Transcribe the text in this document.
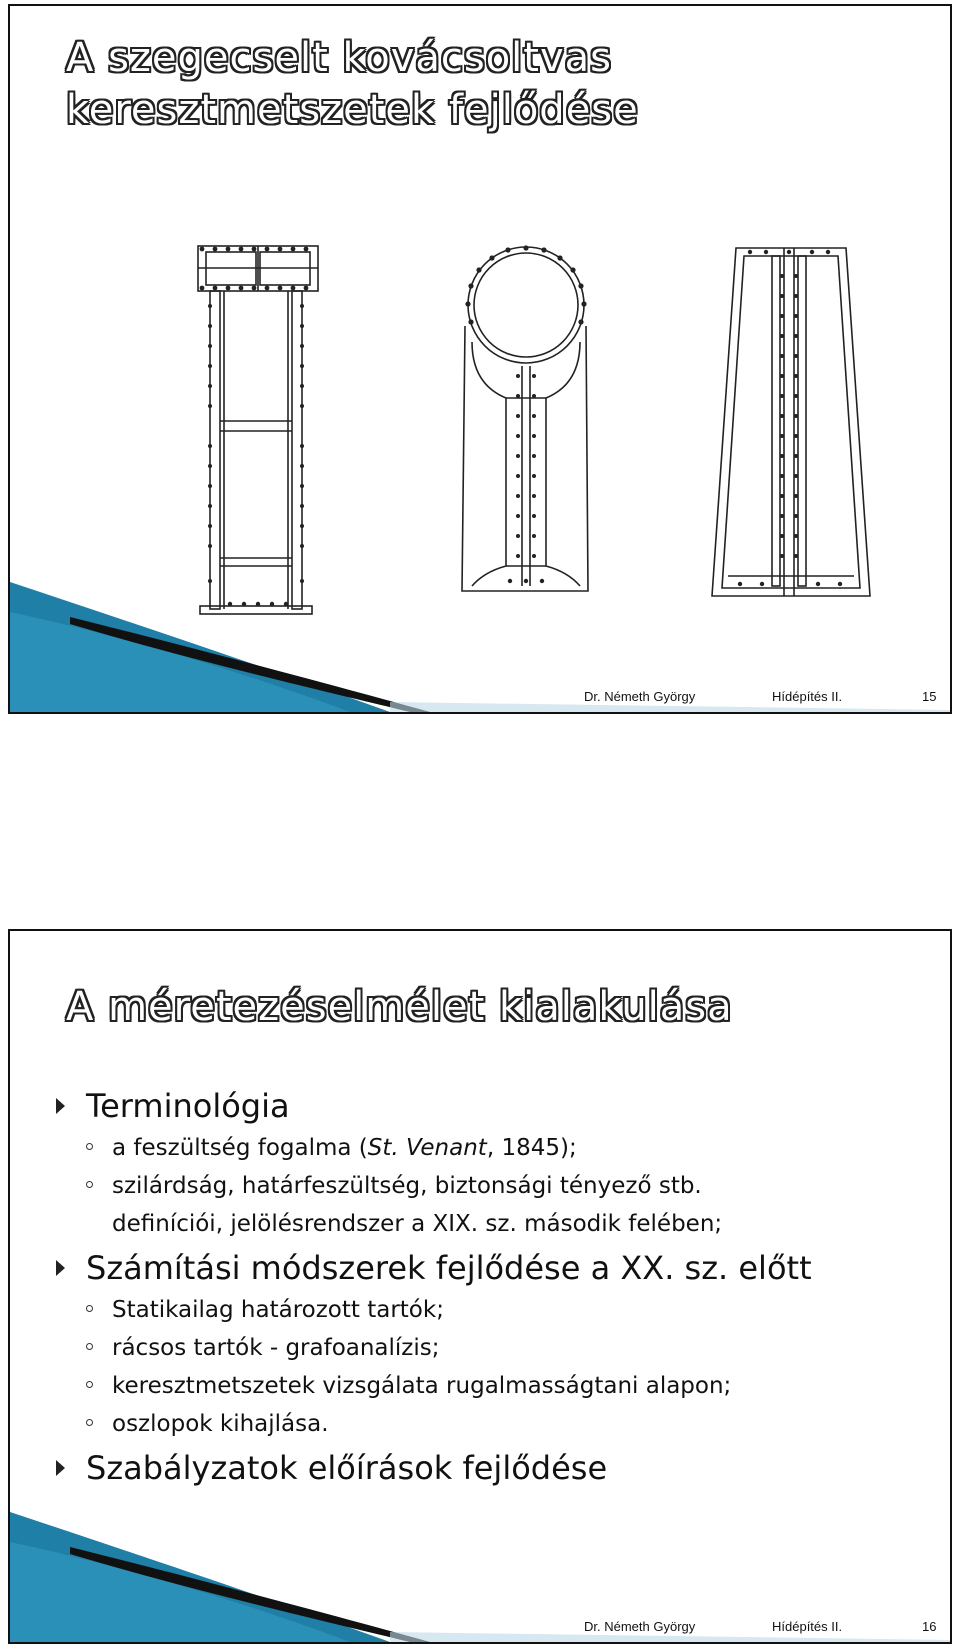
A szegecselt kovácsoltvas
keresztmetszetek fejlődése
Dr. Németh György	Hídépítés II.	15
A méretezéselmélet kialakulása
Terminológia
a feszültség fogalma (St. Venant, 1845);
szilárdság, határfeszültség, biztonsági tényező stb.
definíciói, jelölésrendszer a XIX. sz. második felében;
Számítási módszerek fejlődése a XX. sz. előtt
Statikailag határozott tartók;
rácsos tartók - grafoanalízis;
keresztmetszetek vizsgálata rugalmasságtani alapon;
oszlopok kihajlása.
Szabályzatok előírások fejlődése
Dr. Németh György	Hídépítés II.	16
